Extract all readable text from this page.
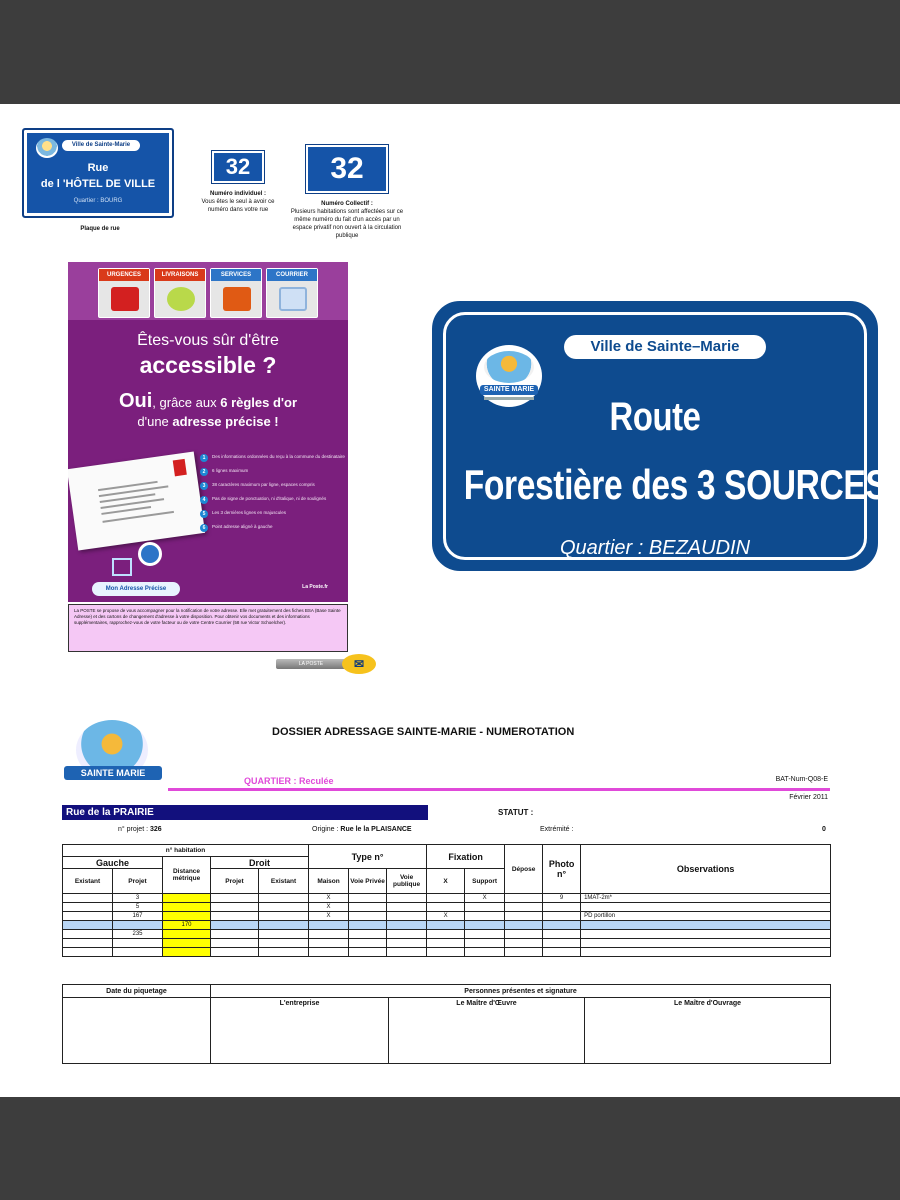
Ville de Sainte-Marie
Rue
de l 'HÔTEL DE VILLE
Quartier : BOURG
Plaque de rue
32
Numéro individuel :
Vous êtes le seul à avoir ce numéro dans votre rue
32
Numéro Collectif :
Plusieurs habitations sont affectées sur ce même numéro du fait d'un accès par un espace privatif non ouvert à la circulation publique
URGENCES	LIVRAISONS	SERVICES	COURRIER
Êtes-vous sûr d'être
accessible ?
Oui, grâce aux 6 règles d'or
d'une adresse précise !
1	Des informations ordonnées du reçu à la commune du destinataire
2	6 lignes maximum
3	38 caractères maximum par ligne, espaces compris
4	Pas de signe de ponctuation, ni d'italique, ni de soulignés
5	Les 3 dernières lignes en majuscules
6	Point adresse aligné à gauche
Mon Adresse Précise	La Poste.fr
La POSTE se propose de vous accompagner pour la notification de votre adresse. Elle met gratuitement des fiches BSA (Base Sainte Adresse) et des cartons de changement d'adresse à votre disposition. Pour obtenir vos documents et des informations supplémentaires, rapprochez-vous de votre facteur ou de votre Centre Courrier (58 rue Victor Schoelcher).
LA POSTE	✉
SAINTE MARIE
Ville de Sainte–Marie
Route
Forestière des 3 SOURCES
Quartier : BEZAUDIN
SAINTE MARIE
DOSSIER ADRESSAGE SAINTE-MARIE - NUMEROTATION
QUARTIER : Reculée	BAT-Num-Q08-E
Février 2011
Rue de la PRAIRIE	STATUT :
n° projet : 326	Origine : Rue le la PLAISANCE	Extrémité :	0
n° habitation					Type n°			Fixation		Dépose	Photo n°	Observations
Gauche		Distance métrique	Droit									
Existant	Projet		Projet	Existant	Maison	Voie Privée	Voie publique	X	Support			
	3				X				X		9	1MAT-2m*
	5				X							
	167				X			X				PD portillon
		170										
	235											

Date du piquetage	Personnes présentes et signature		
	L'entreprise	Le Maître d'Œuvre	Le Maître d'Ouvrage
